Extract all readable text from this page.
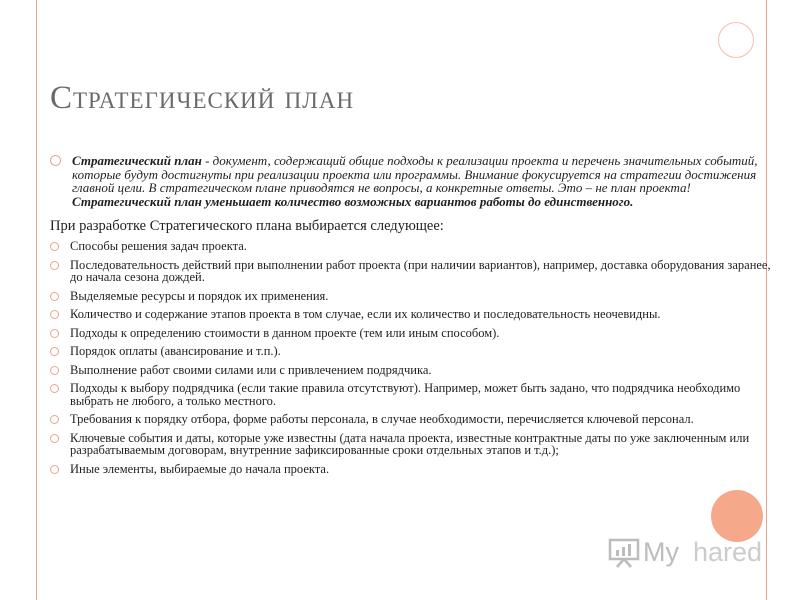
Стратегический план
Стратегический план - документ, содержащий общие подходы к реализации проекта и перечень значительных событий, которые будут достигнуты при реализации проекта или программы. Внимание фокусируется на стратегии достижения главной цели. В стратегическом плане приводятся не вопросы, а конкретные ответы. Это – не план проекта! Стратегический план уменьшает количество возможных вариантов работы до единственного.
При разработке Стратегического плана выбирается следующее:
Способы решения задач проекта.
Последовательность действий при выполнении работ проекта (при наличии вариантов), например, доставка оборудования заранее, до начала сезона дождей.
Выделяемые ресурсы и порядок их применения.
Количество и содержание этапов проекта в том случае, если их количество и последовательность неочевидны.
Подходы к определению стоимости в данном проекте (тем или иным способом).
Порядок оплаты (авансирование и т.п.).
Выполнение работ своими силами или с привлечением подрядчика.
Подходы к выбору подрядчика (если такие правила отсутствуют). Например, может быть задано, что подрядчика необходимо выбрать не любого, а только местного.
Требования к порядку отбора, форме работы персонала, в случае необходимости, перечисляется ключевой персонал.
Ключевые события и даты, которые уже известны (дата начала проекта, известные контрактные даты по уже заключенным или разрабатываемым договорам, внутренние зафиксированные сроки отдельных этапов и т.д.);
Иные элементы, выбираемые до начала проекта.
My hared
